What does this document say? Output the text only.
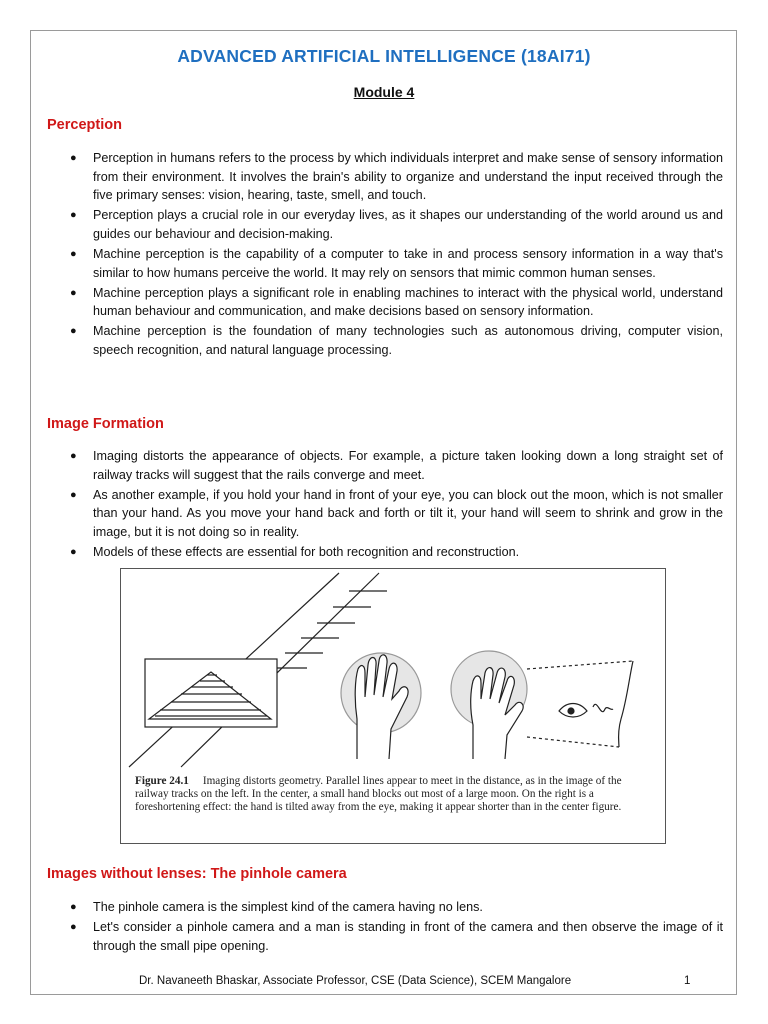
ADVANCED ARTIFICIAL INTELLIGENCE (18AI71)
Module 4
Perception
● Perception in humans refers to the process by which individuals interpret and make sense of sensory information from their environment. It involves the brain's ability to organize and understand the input received through the five primary senses: vision, hearing, taste, smell, and touch.
● Perception plays a crucial role in our everyday lives, as it shapes our understanding of the world around us and guides our behaviour and decision-making.
● Machine perception is the capability of a computer to take in and process sensory information in a way that's similar to how humans perceive the world. It may rely on sensors that mimic common human senses.
● Machine perception plays a significant role in enabling machines to interact with the physical world, understand human behaviour and communication, and make decisions based on sensory information.
● Machine perception is the foundation of many technologies such as autonomous driving, computer vision, speech recognition, and natural language processing.
Image Formation
● Imaging distorts the appearance of objects. For example, a picture taken looking down a long straight set of railway tracks will suggest that the rails converge and meet.
● As another example, if you hold your hand in front of your eye, you can block out the moon, which is not smaller than your hand. As you move your hand back and forth or tilt it, your hand will seem to shrink and grow in the image, but it is not doing so in reality.
● Models of these effects are essential for both recognition and reconstruction.
Figure 24.1 Imaging distorts geometry. Parallel lines appear to meet in the distance, as in the image of the railway tracks on the left. In the center, a small hand blocks out most of a large moon. On the right is a foreshortening effect: the hand is tilted away from the eye, making it appear shorter than in the center figure.
Images without lenses: The pinhole camera
● The pinhole camera is the simplest kind of the camera having no lens.
● Let's consider a pinhole camera and a man is standing in front of the camera and then observe the image of it through the small pipe opening.
Dr. Navaneeth Bhaskar, Associate Professor, CSE (Data Science), SCEM Mangalore	1
